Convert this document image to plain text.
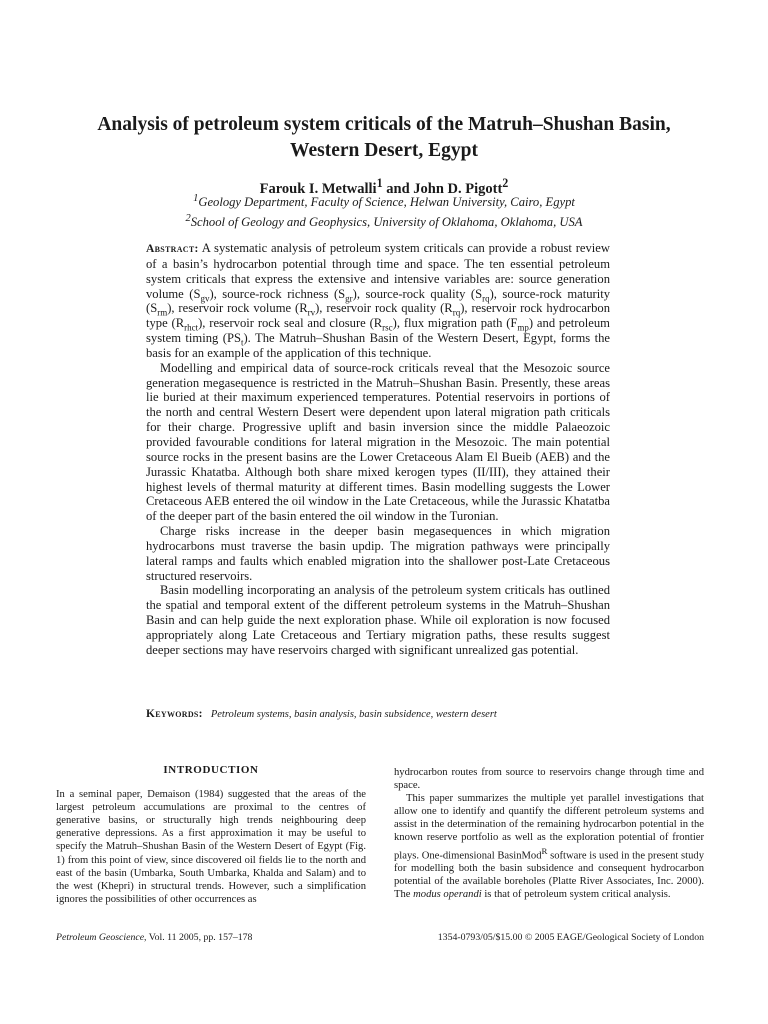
Analysis of petroleum system criticals of the Matruh–Shushan Basin,
Western Desert, Egypt
Farouk I. Metwalli$^1$ and John D. Pigott$^2$
$^1$Geology Department, Faculty of Science, Helwan University, Cairo, Egypt
$^2$School of Geology and Geophysics, University of Oklahoma, Oklahoma, USA

Abstract: A systematic analysis of petroleum system criticals can provide a robust review of a basin’s hydrocarbon potential through time and space. The ten essential petroleum system criticals that express the extensive and intensive variables are: source generation volume $(S_{gv})$, source-rock richness $(S_{gr})$, source-rock quality $(S_{rq})$, source-rock maturity $(S_{rm})$, reservoir rock volume $(R_{rv})$, reservoir rock quality $(R_{rq})$, reservoir rock hydrocarbon type $(R_{rhct})$, reservoir rock seal and closure $(R_{rsc})$, flux migration path $(F_{mp})$ and petroleum system timing $(PS_t)$. The Matruh–Shushan Basin of the Western Desert, Egypt, forms the basis for an example of the application of this technique.

Modelling and empirical data of source-rock criticals reveal that the Mesozoic source generation megasequence is restricted in the Matruh–Shushan Basin. Presently, these areas lie buried at their maximum experienced temperatures. Potential reservoirs in portions of the north and central Western Desert were dependent upon lateral migration path criticals for their charge. Progressive uplift and basin inversion since the middle Palaeozoic provided favourable conditions for lateral migration in the Mesozoic. The main potential source rocks in the present basins are the Lower Cretaceous Alam El Bueib (AEB) and the Jurassic Khatatba. Although both share mixed kerogen types (II/III), they attained their highest levels of thermal maturity at different times. Basin modelling suggests the Lower Cretaceous AEB entered the oil window in the Late Cretaceous, while the Jurassic Khatatba of the deeper part of the basin entered the oil window in the Turonian.

Charge risks increase in the deeper basin megasequences in which migration hydrocarbons must traverse the basin updip. The migration pathways were principally lateral ramps and faults which enabled migration into the shallower post-Late Cretaceous structured reservoirs.

Basin modelling incorporating an analysis of the petroleum system criticals has outlined the spatial and temporal extent of the different petroleum systems in the Matruh–Shushan Basin and can help guide the next exploration phase. While oil exploration is now focused appropriately along Late Cretaceous and Tertiary migration paths, these results suggest deeper sections may have reservoirs charged with significant unrealized gas potential.

Keywords: Petroleum systems, basin analysis, basin subsidence, western desert

INTRODUCTION

In a seminal paper, Demaison (1984) suggested that the areas of the largest petroleum accumulations are proximal to the centres of generative basins, or structurally high trends neighbouring deep generative depressions. As a first approximation it may be useful to specify the Matruh–Shushan Basin of the Western Desert of Egypt (Fig. 1) from this point of view, since discovered oil fields lie to the north and east of the basin (Umbarka, South Umbarka, Khalda and Salam) and to the west (Khepri) in structural trends. However, such a simplification ignores the possibilities of other occurrences as

hydrocarbon routes from source to reservoirs change through time and space.

This paper summarizes the multiple yet parallel investigations that allow one to identify and quantify the different petroleum systems and assist in the determination of the remaining hydrocarbon potential in the known reserve portfolio as well as the exploration potential of frontier plays. One-dimensional BasinMod$^R$ software is used in the present study for modelling both the basin subsidence and consequent hydrocarbon potential of the available boreholes (Platte River Associates, Inc. 2000). The modus operandi is that of petroleum system critical analysis.

Petroleum Geoscience, Vol. 11 2005, pp. 157–178	1354-0793/05/$15.00 © 2005 EAGE/Geological Society of London
